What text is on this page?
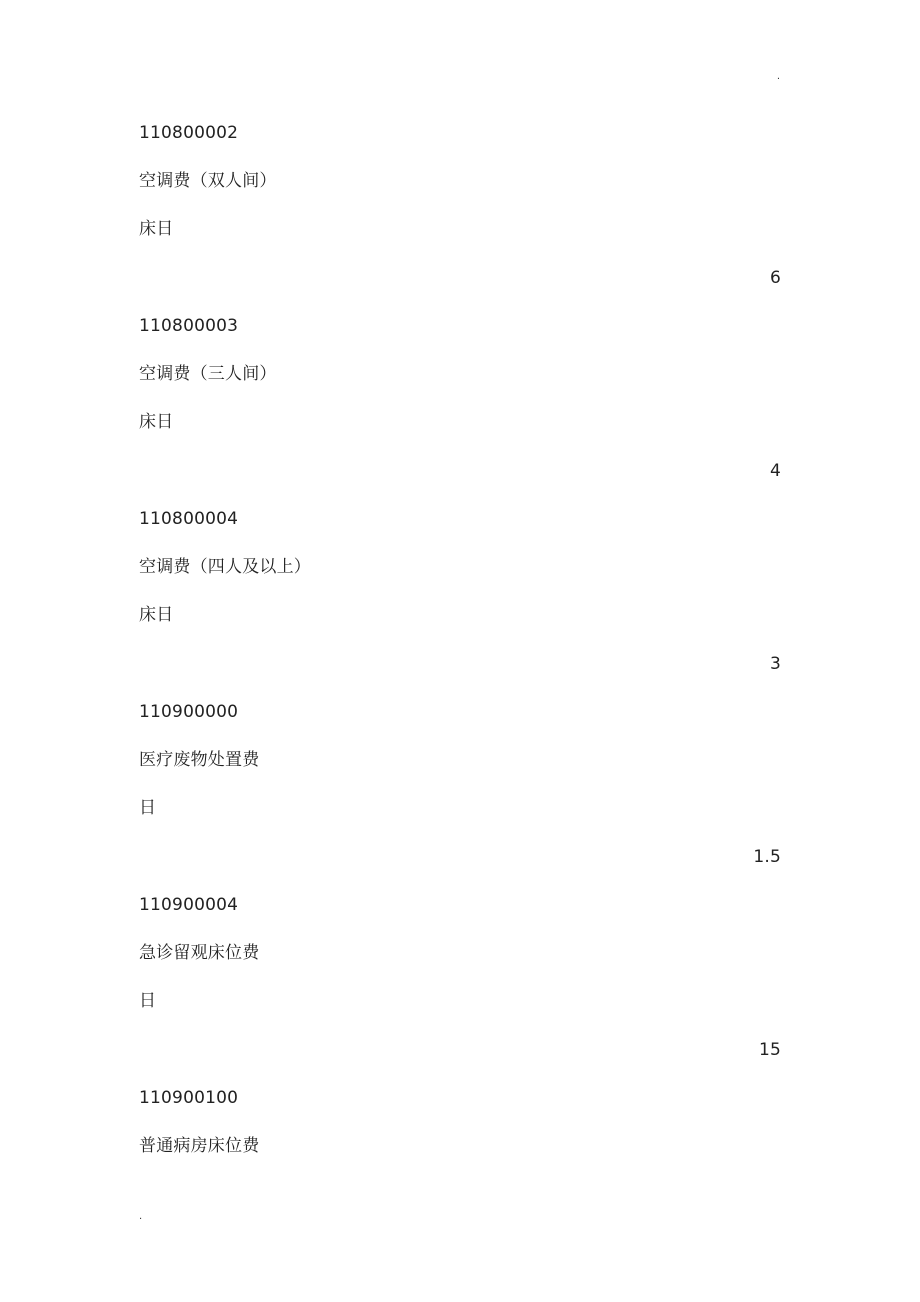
.
110800002
空调费（双人间）
床日
6
110800003
空调费（三人间）
床日
4
110800004
空调费（四人及以上）
床日
3
110900000
医疗废物处置费
日
1.5
110900004
急诊留观床位费
日
15
110900100
普通病房床位费
.
